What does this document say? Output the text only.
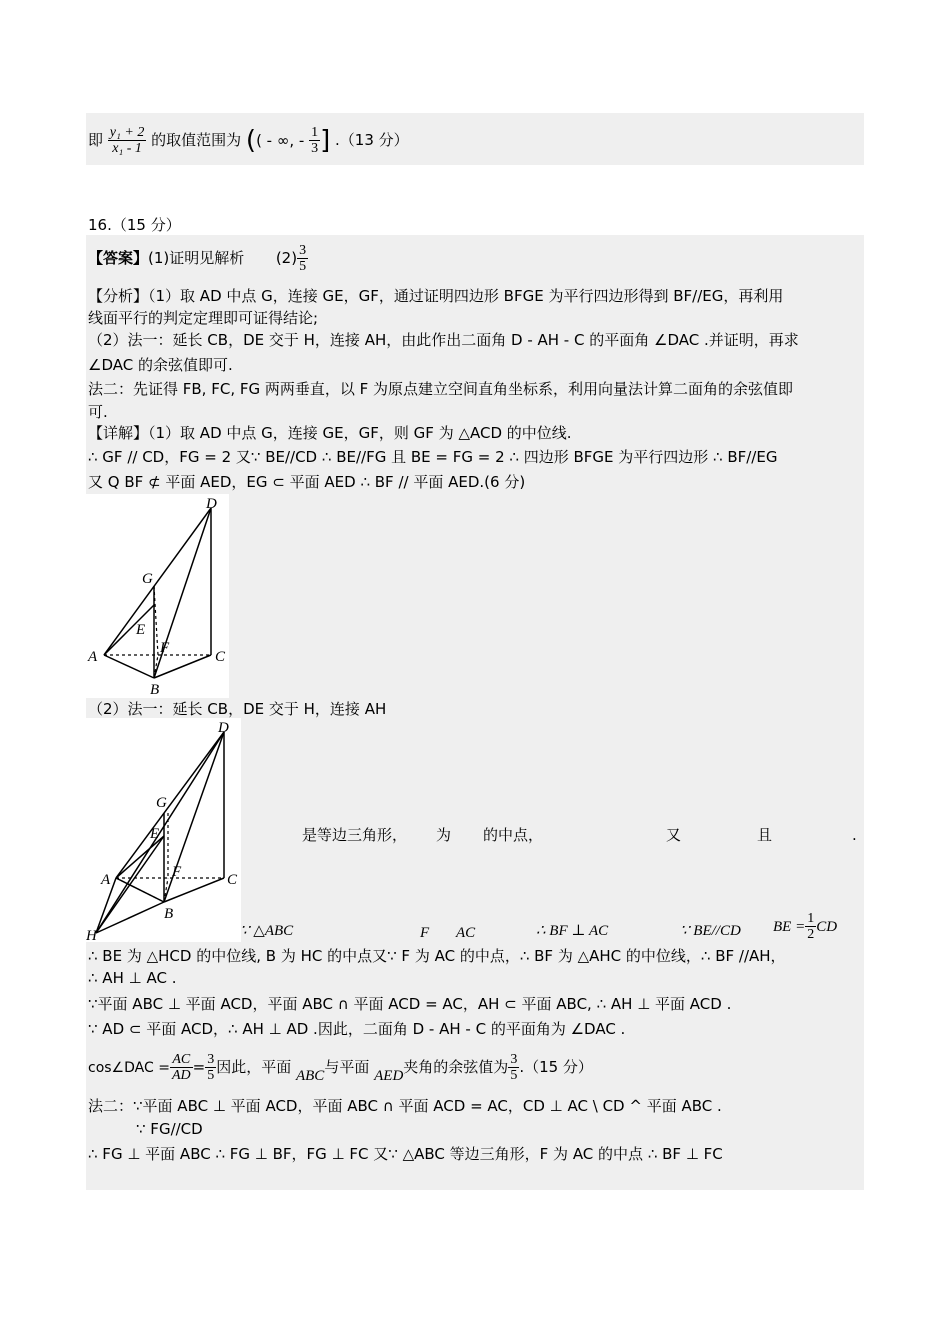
即 $\frac{\text{y₁ + 2}}{\text{x₁ - 1}}$ 的取值范围为 (( - ∞, - $\frac{1}{3}$ ] .（13 分）
16.（15 分）
【答案】(1)证明见解析 $(2) \frac{3}{5}$
【分析】（1）取 AD 中点 G，连接 GE，GF，通过证明四边形 BFGE 为平行四边形得到 BF//EG，再利用
线面平行的判定定理即可证得结论;
（2）法一：延长 CB，DE 交于 H，连接 AH，由此作出二面角 D - AH - C 的平面角 ∠DAC .并证明，再求
∠DAC 的余弦值即可.
法二：先证得 FB, FC, FG 两两垂直，以 F 为原点建立空间直角坐标系，利用向量法计算二面角的余弦值即
可.
【详解】（1）取 AD 中点 G，连接 GE，GF，则 GF 为 △ACD 的中位线.
∴ GF // CD，FG = 2 又∵ BE//CD ∴ BE//FG 且 BE = FG = 2 ∴ 四边形 BFGE 为平行四边形 ∴ BF//EG
又 Q BF ⊄ 平面 AED，EG ⊂ 平面 AED ∴ BF // 平面 AED.(6 分)
D
G
E
F
A	C
B
（2）法一：延长 CB，DE 交于 H，连接 AH
D
G
E
A	F	C
B
H
是等边三角形， 为 的中点，	又	且	.
∵ △ABC	F AC	∴ BF ⊥ AC	∵ BE//CD BE = $\frac{1}{2}$ CD
∴ BE 为 △HCD 的中位线, B 为 HC 的中点又∵ F 为 AC 的中点，∴ BF 为 △AHC 的中位线，∴ BF //AH，
∴ AH ⊥ AC .
∵平面 ABC ⊥ 平面 ACD，平面 ABC ∩ 平面 ACD = AC，AH ⊂ 平面 ABC, ∴ AH ⊥ 平面 ACD .
∵ AD ⊂ 平面 ACD，∴ AH ⊥ AD .因此，二面角 D - AH - C 的平面角为 ∠DAC .
cos∠DAC = $\frac{AC}{AD} = \frac{3}{5}$ 因此，平面 ABC与平面 AED夹角的余弦值为 $\frac{3}{5} .(15$ 分）
法二：∵平面 ABC ⊥ 平面 ACD，平面 ABC ∩ 平面 ACD = AC，CD ⊥ AC \ CD ^ 平面 ABC .
∵ FG//CD
∴ FG ⊥ 平面 ABC ∴ FG ⊥ BF，FG ⊥ FC 又∵ △ABC 等边三角形，F 为 AC 的中点 ∴ BF ⊥ FC
